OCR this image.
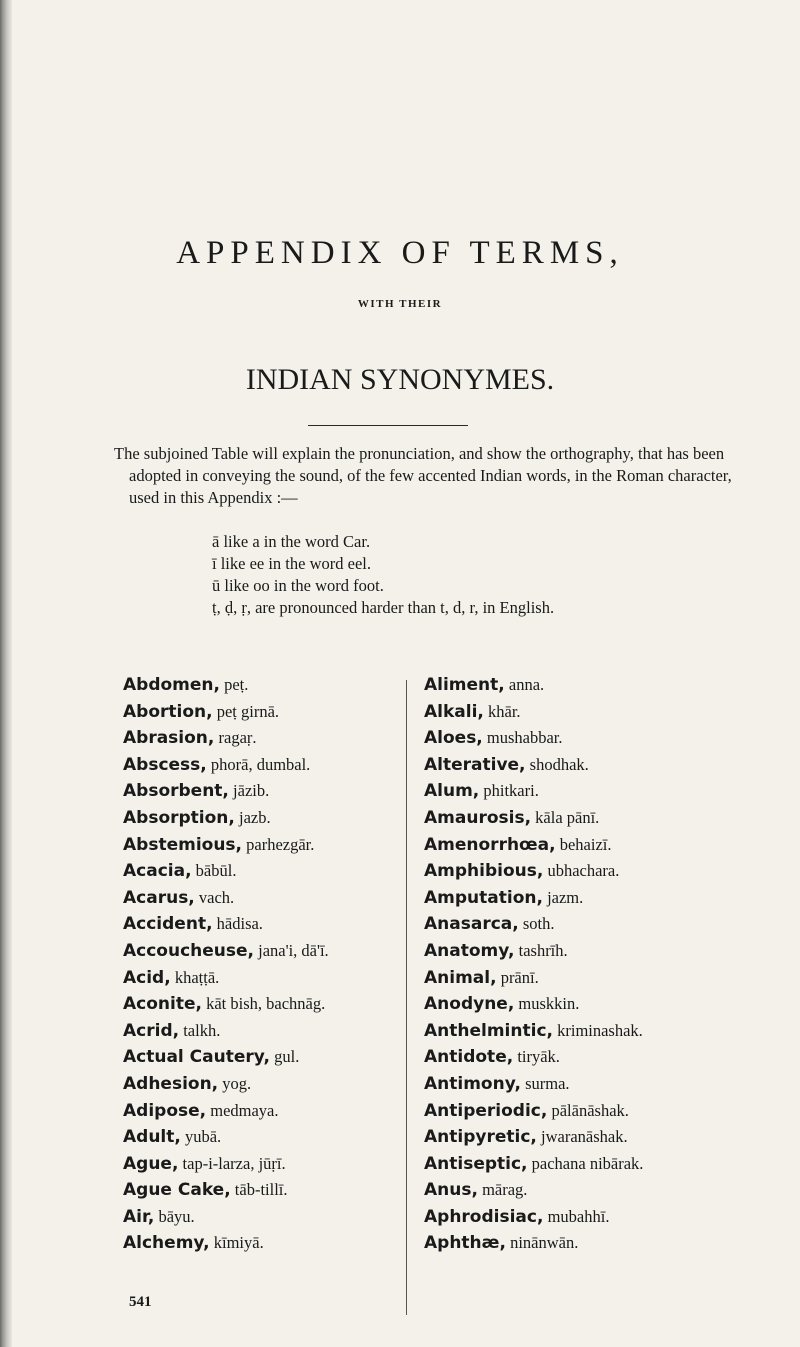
APPENDIX OF TERMS,
WITH THEIR
INDIAN SYNONYMES.

The subjoined Table will explain the pronunciation, and show the orthography, that has been adopted in conveying the sound, of the few accented Indian words, in the Roman character, used in this Appendix :—

ā like a in the word Car.
ī like ee in the word eel.
ū like oo in the word foot.
ṭ, ḍ, ṛ, are pronounced harder than t, d, r, in English.
Abdomen, peṭ.
Abortion, peṭ girnā.
Abrasion, ragaṛ.
Abscess, phorā, dumbal.
Absorbent, jāzib.
Absorption, jazb.
Abstemious, parhezgār.
Acacia, bābūl.
Acarus, vach.
Accident, hādisa.
Accoucheuse, jana'i, dā'ī.
Acid, khaṭṭā.
Aconite, kāt bish, bachnāg.
Acrid, talkh.
Actual Cautery, gul.
Adhesion, yog.
Adipose, medmaya.
Adult, yubā.
Ague, tap-i-larza, jūṛī.
Ague Cake, tāb-tillī.
Air, bāyu.
Alchemy, kīmiyā.
Aliment, anna.
Alkali, khār.
Aloes, mushabbar.
Alterative, shodhak.
Alum, phitkari.
Amaurosis, kāla pānī.
Amenorrhœa, behaizī.
Amphibious, ubhachara.
Amputation, jazm.
Anasarca, soth.
Anatomy, tashrīh.
Animal, prānī.
Anodyne, muskkin.
Anthelmintic, kriminashak.
Antidote, tiryāk.
Antimony, surma.
Antiperiodic, pālānāshak.
Antipyretic, jwaranāshak.
Antiseptic, pachana nibārak.
Anus, mārag.
Aphrodisiac, mubahhī.
Aphthæ, ninānwān.
541
